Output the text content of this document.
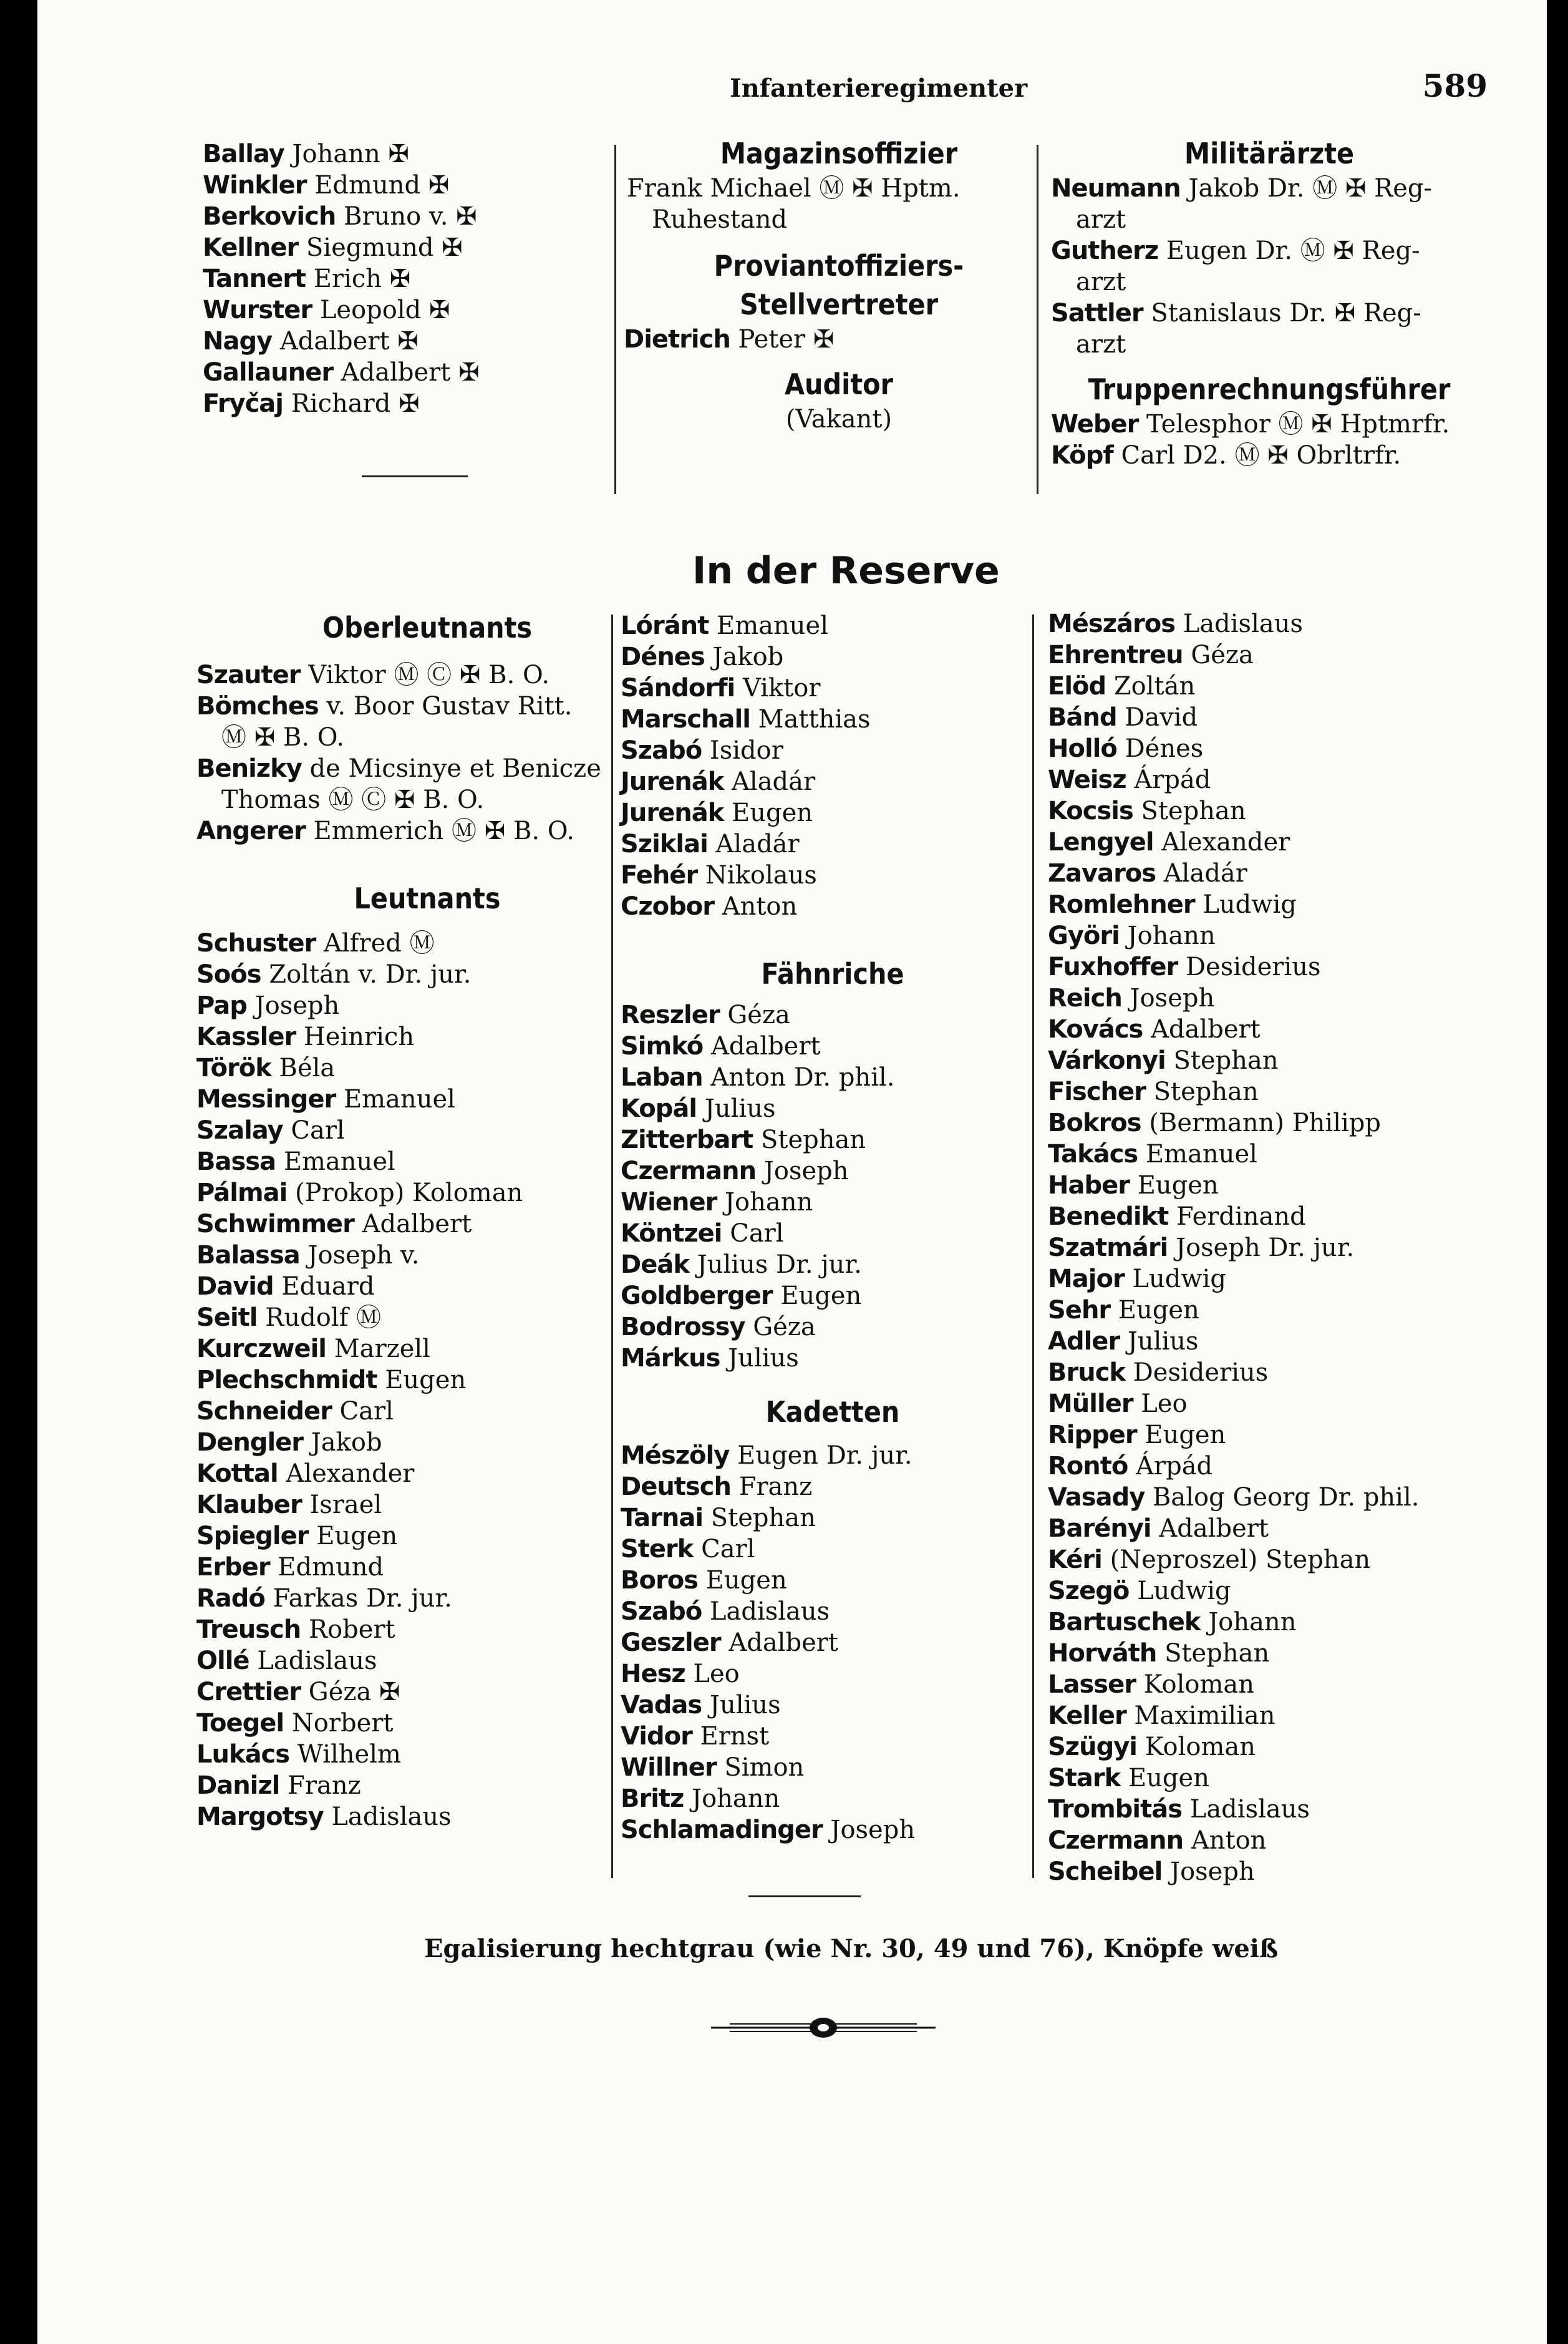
Infanterieregimenter	589
Ballay Johann ✠
Winkler Edmund ✠
Berkovich Bruno v. ✠
Kellner Siegmund ✠
Tannert Erich ✠
Wurster Leopold ✠
Nagy Adalbert ✠
Gallauner Adalbert ✠
Fryčaj Richard ✠
Magazinsoffizier
Frank Michael Ⓜ ✠ Hptm.
Ruhestand
Proviantoffiziers-
Stellvertreter
Dietrich Peter ✠
Auditor
(Vakant)
Militärärzte
Neumann Jakob Dr. Ⓜ ✠ Reg-
arzt
Gutherz Eugen Dr. Ⓜ ✠ Reg-
arzt
Sattler Stanislaus Dr. ✠ Reg-
arzt
Truppenrechnungsführer
Weber Telesphor Ⓜ ✠ Hptmrfr.
Köpf Carl D2. Ⓜ ✠ Obrltrfr.
In der Reserve
Oberleutnants
Szauter Viktor Ⓜ Ⓒ ✠ B. O.
Bömches v. Boor Gustav Ritt.
Ⓜ ✠ B. O.
Benizky de Micsinye et Benicze
Thomas Ⓜ Ⓒ ✠ B. O.
Angerer Emmerich Ⓜ ✠ B. O.
Leutnants
Schuster Alfred Ⓜ
Soós Zoltán v. Dr. jur.
Pap Joseph
Kassler Heinrich
Török Béla
Messinger Emanuel
Szalay Carl
Bassa Emanuel
Pálmai (Prokop) Koloman
Schwimmer Adalbert
Balassa Joseph v.
David Eduard
Seitl Rudolf Ⓜ
Kurczweil Marzell
Plechschmidt Eugen
Schneider Carl
Dengler Jakob
Kottal Alexander
Klauber Israel
Spiegler Eugen
Erber Edmund
Radó Farkas Dr. jur.
Treusch Robert
Ollé Ladislaus
Crettier Géza ✠
Toegel Norbert
Lukács Wilhelm
Danizl Franz
Margotsy Ladislaus
Lóránt Emanuel
Dénes Jakob
Sándorfi Viktor
Marschall Matthias
Szabó Isidor
Jurenák Aladár
Jurenák Eugen
Sziklai Aladár
Fehér Nikolaus
Czobor Anton
Fähnriche
Reszler Géza
Simkó Adalbert
Laban Anton Dr. phil.
Kopál Julius
Zitterbart Stephan
Czermann Joseph
Wiener Johann
Köntzei Carl
Deák Julius Dr. jur.
Goldberger Eugen
Bodrossy Géza
Márkus Julius
Kadetten
Mészöly Eugen Dr. jur.
Deutsch Franz
Tarnai Stephan
Sterk Carl
Boros Eugen
Szabó Ladislaus
Geszler Adalbert
Hesz Leo
Vadas Julius
Vidor Ernst
Willner Simon
Britz Johann
Schlamadinger Joseph
Mészáros Ladislaus
Ehrentreu Géza
Elöd Zoltán
Bánd David
Holló Dénes
Weisz Árpád
Kocsis Stephan
Lengyel Alexander
Zavaros Aladár
Romlehner Ludwig
Györi Johann
Fuxhoffer Desiderius
Reich Joseph
Kovács Adalbert
Várkonyi Stephan
Fischer Stephan
Bokros (Bermann) Philipp
Takács Emanuel
Haber Eugen
Benedikt Ferdinand
Szatmári Joseph Dr. jur.
Major Ludwig
Sehr Eugen
Adler Julius
Bruck Desiderius
Müller Leo
Ripper Eugen
Rontó Árpád
Vasady Balog Georg Dr. phil.
Barényi Adalbert
Kéri (Neproszel) Stephan
Szegö Ludwig
Bartuschek Johann
Horváth Stephan
Lasser Koloman
Keller Maximilian
Szügyi Koloman
Stark Eugen
Trombitás Ladislaus
Czermann Anton
Scheibel Joseph
Egalisierung hechtgrau (wie Nr. 30, 49 und 76), Knöpfe weiß
